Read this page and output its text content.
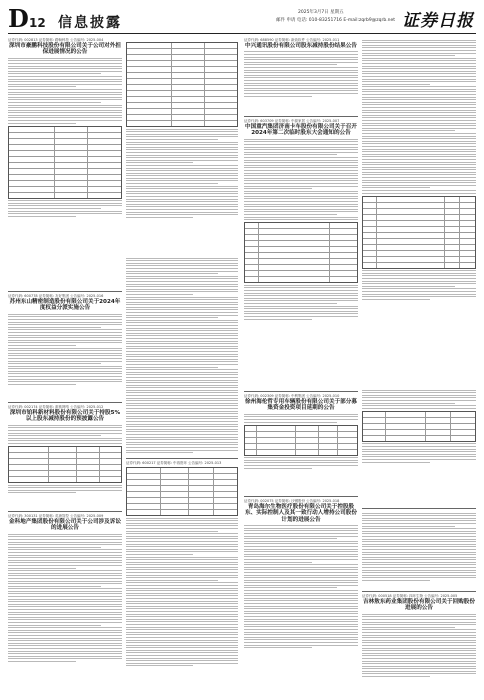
D 12 信息披露
2025年3月7日 星期五
邮件 申请 电话: 010-83251716 E-mail:zqrb9@zqrb.net 证券日报
证券代码: 002813 证券简称: 路畅科技 公告编号: 2025-004
深圳市豪鹏科技股份有限公司关于公司对外担保进展情况的公告
证券代码: 600778 证券简称: 友好集团 公告编号: 2025-016
苏州东山精密制造股份有限公司关于2024年度权益分派实施公告
证券代码: 002174 证券简称: 游族网络 公告编号: 2025-012
深圳市铂科新材料股份有限公司关于持股5%以上股东减持股份的预披露公告
证券代码: 300131 证券简称: 英唐智控 公告编号: 2025-009
金科地产集团股份有限公司关于公司涉及诉讼的进展公告
证券代码: 600217 证券简称: 中再资环 公告编号: 2025-013
证券代码: 688590 证券简称: 新致软件 公告编号: 2025-011
中兴通讯股份有限公司股东减持股份结果公告
证券代码: 603709 证券简称: 中源家居 公告编号: 2025-007
中国重汽集团济南卡车股份有限公司关于召开2024年第二次临时股东大会通知的公告
证券代码: 002309 证券简称: 中利集团 公告编号: 2025-010
徐州海伦哲专用车辆股份有限公司关于部分募集资金投资项目延期的公告
证券代码: 002075 证券简称: 沙钢股份 公告编号: 2025-018
青岛海尔生物医疗股份有限公司关于控股股东、实际控制人及其一致行动人增持公司股份计划的进展公告
证券代码: 000518 证券简称: 四环生物 公告编号: 2025-005
吉林敖东药业集团股份有限公司关于回购股份进展的公告
